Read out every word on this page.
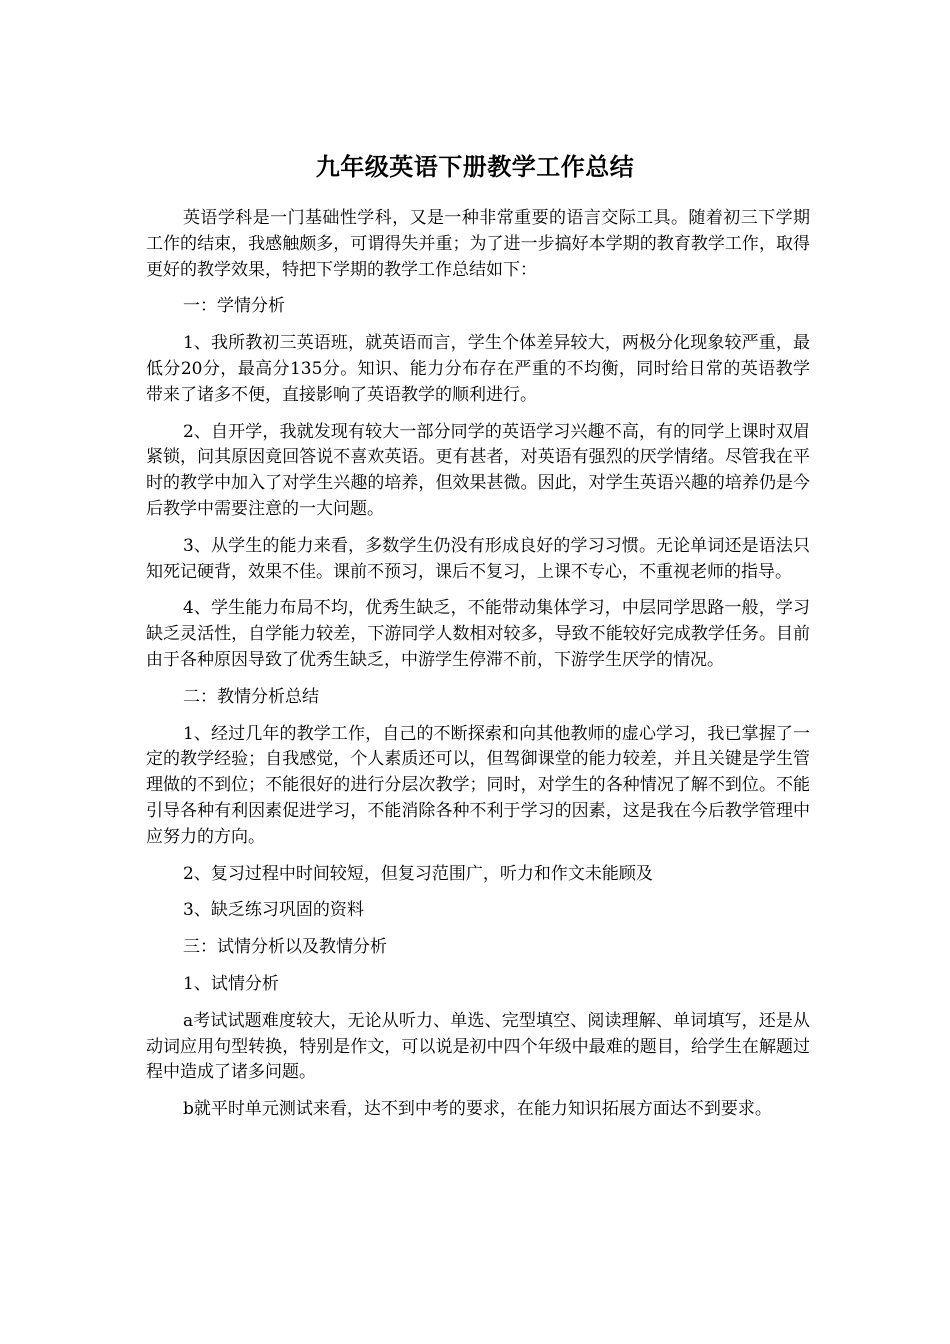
九年级英语下册教学工作总结

英语学科是一门基础性学科，又是一种非常重要的语言交际工具。随着初三下学期工作的结束，我感触颇多，可谓得失并重；为了进一步搞好本学期的教育教学工作，取得更好的教学效果，特把下学期的教学工作总结如下：

一：学情分析

1、我所教初三英语班，就英语而言，学生个体差异较大，两极分化现象较严重，最低分20分，最高分135分。知识、能力分布存在严重的不均衡，同时给日常的英语教学带来了诸多不便，直接影响了英语教学的顺利进行。

2、自开学，我就发现有较大一部分同学的英语学习兴趣不高，有的同学上课时双眉紧锁，问其原因竟回答说不喜欢英语。更有甚者，对英语有强烈的厌学情绪。尽管我在平时的教学中加入了对学生兴趣的培养，但效果甚微。因此，对学生英语兴趣的培养仍是今后教学中需要注意的一大问题。

3、从学生的能力来看，多数学生仍没有形成良好的学习习惯。无论单词还是语法只知死记硬背，效果不佳。课前不预习，课后不复习，上课不专心，不重视老师的指导。

4、学生能力布局不均，优秀生缺乏，不能带动集体学习，中层同学思路一般，学习缺乏灵活性，自学能力较差，下游同学人数相对较多，导致不能较好完成教学任务。目前由于各种原因导致了优秀生缺乏，中游学生停滞不前，下游学生厌学的情况。

二：教情分析总结

1、经过几年的教学工作，自己的不断探索和向其他教师的虚心学习，我已掌握了一定的教学经验；自我感觉，个人素质还可以，但驾御课堂的能力较差，并且关键是学生管理做的不到位；不能很好的进行分层次教学；同时，对学生的各种情况了解不到位。不能引导各种有利因素促进学习，不能消除各种不利于学习的因素，这是我在今后教学管理中应努力的方向。

2、复习过程中时间较短，但复习范围广，听力和作文未能顾及

3、缺乏练习巩固的资料

三：试情分析以及教情分析

1、试情分析

a考试试题难度较大，无论从听力、单选、完型填空、阅读理解、单词填写，还是从动词应用句型转换，特别是作文，可以说是初中四个年级中最难的题目，给学生在解题过程中造成了诸多问题。

b就平时单元测试来看，达不到中考的要求，在能力知识拓展方面达不到要求。
